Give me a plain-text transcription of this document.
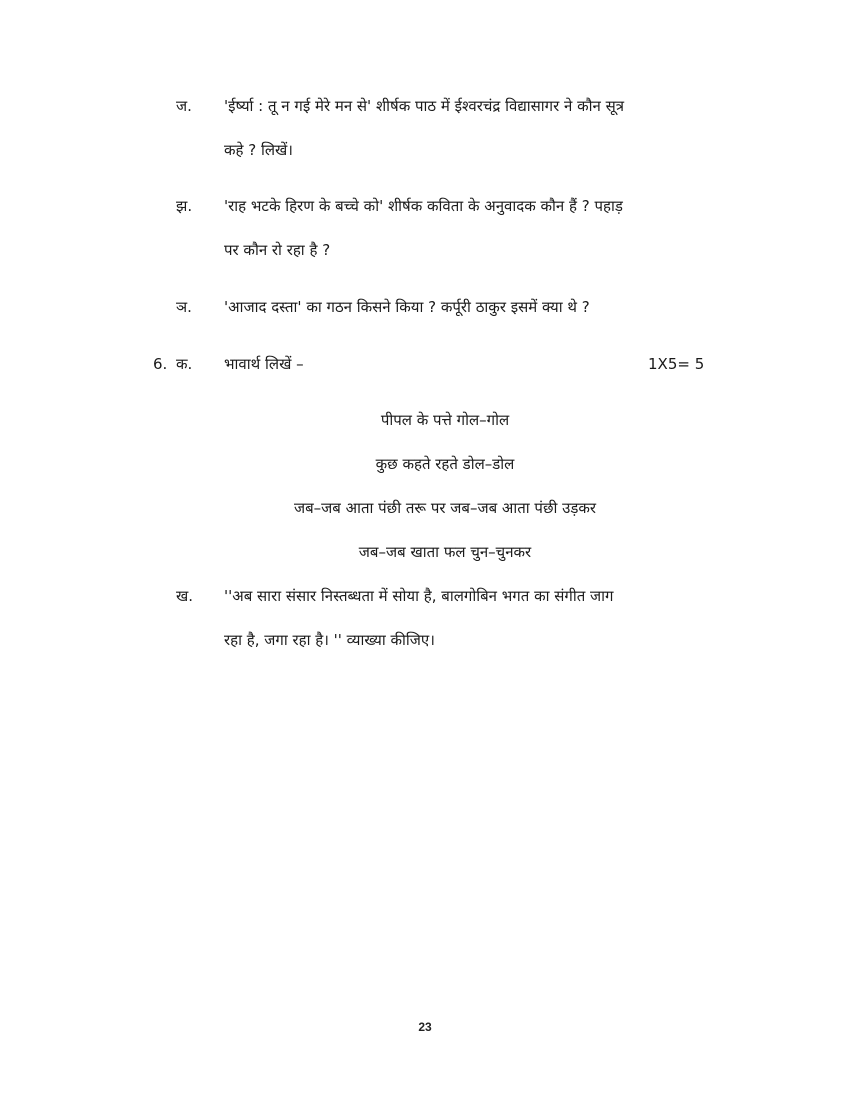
ज. 'ईर्ष्या : तू न गई मेरे मन से' शीर्षक पाठ में ईश्वरचंद्र विद्यासागर ने कौन सूत्र
कहे ? लिखें।
झ. 'राह भटके हिरण के बच्चे को' शीर्षक कविता के अनुवादक कौन हैं ? पहाड़
पर कौन रो रहा है ?
ञ. 'आजाद दस्ता' का गठन किसने किया ? कर्पूरी ठाकुर इसमें क्या थे ?
6. क. भावार्थ लिखें –	1X5= 5
पीपल के पत्ते गोल–गोल
कुछ कहते रहते डोल–डोल
जब–जब आता पंछी तरू पर जब–जब आता पंछी उड़कर
जब–जब खाता फल चुन–चुनकर
ख. ''अब सारा संसार निस्तब्धता में सोया है, बालगोबिन भगत का संगीत जाग
रहा है, जगा रहा है। '' व्याख्या कीजिए।
23
